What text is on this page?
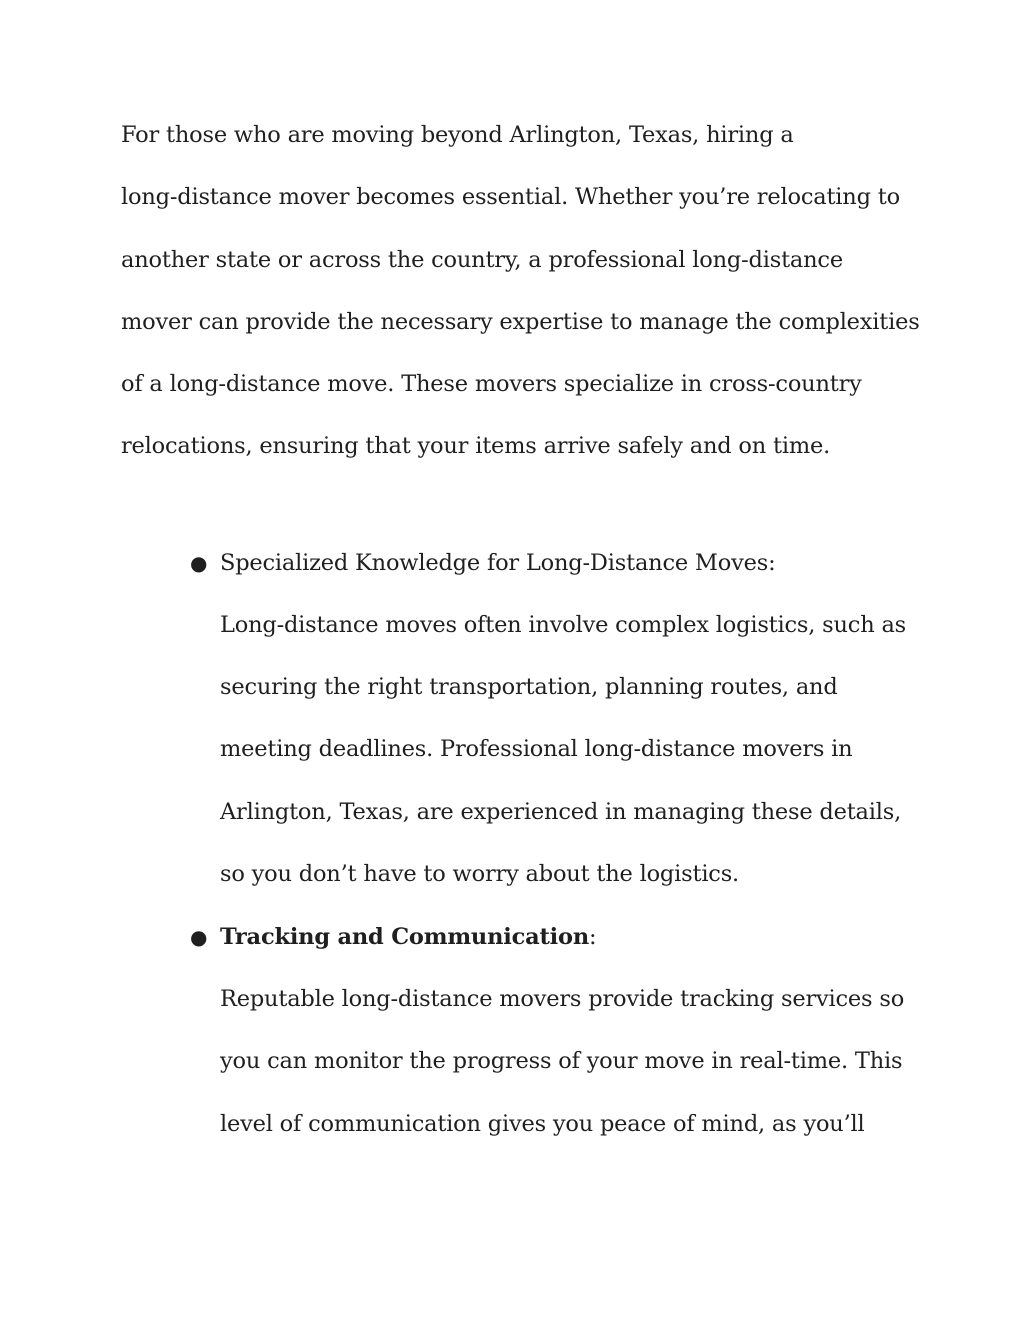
For those who are moving beyond Arlington, Texas, hiring a
long-distance mover becomes essential. Whether you’re relocating to
another state or across the country, a professional long-distance
mover can provide the necessary expertise to manage the complexities
of a long-distance move. These movers specialize in cross-country
relocations, ensuring that your items arrive safely and on time.
● Specialized Knowledge for Long-Distance Moves:
Long-distance moves often involve complex logistics, such as
securing the right transportation, planning routes, and
meeting deadlines. Professional long-distance movers in
Arlington, Texas, are experienced in managing these details,
so you don’t have to worry about the logistics.
● Tracking and Communication:
Reputable long-distance movers provide tracking services so
you can monitor the progress of your move in real-time. This
level of communication gives you peace of mind, as you’ll
